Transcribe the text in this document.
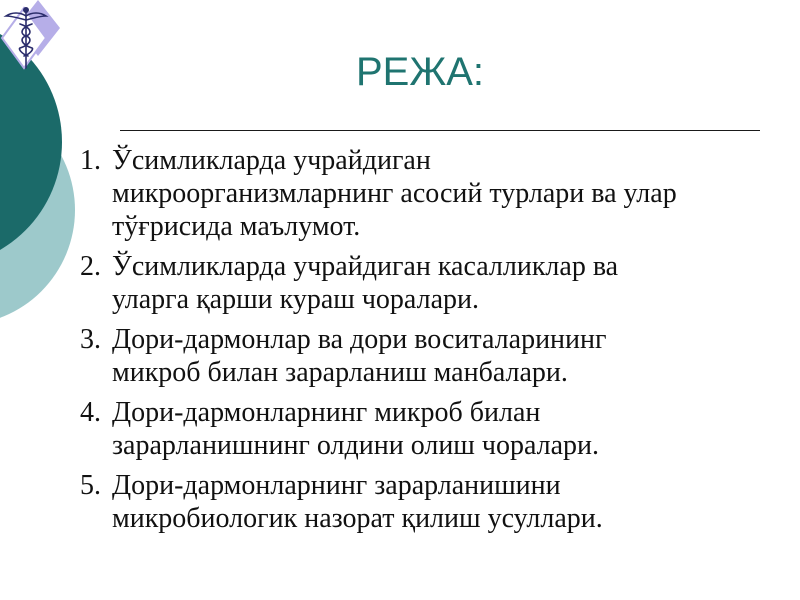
РЕЖА:
1. Ўсимликларда учрайдиган
микроорганизмларнинг асосий турлари ва улар
тўғрисида маълумот.
2. Ўсимликларда учрайдиган касалликлар ва
уларга қарши кураш чоралари.
3. Дори-дармонлар ва дори воситаларининг
микроб билан зарарланиш манбалари.
4. Дори-дармонларнинг микроб билан
зарарланишнинг олдини олиш чоралари.
5. Дори-дармонларнинг зарарланишини
микробиологик назорат қилиш усуллари.
